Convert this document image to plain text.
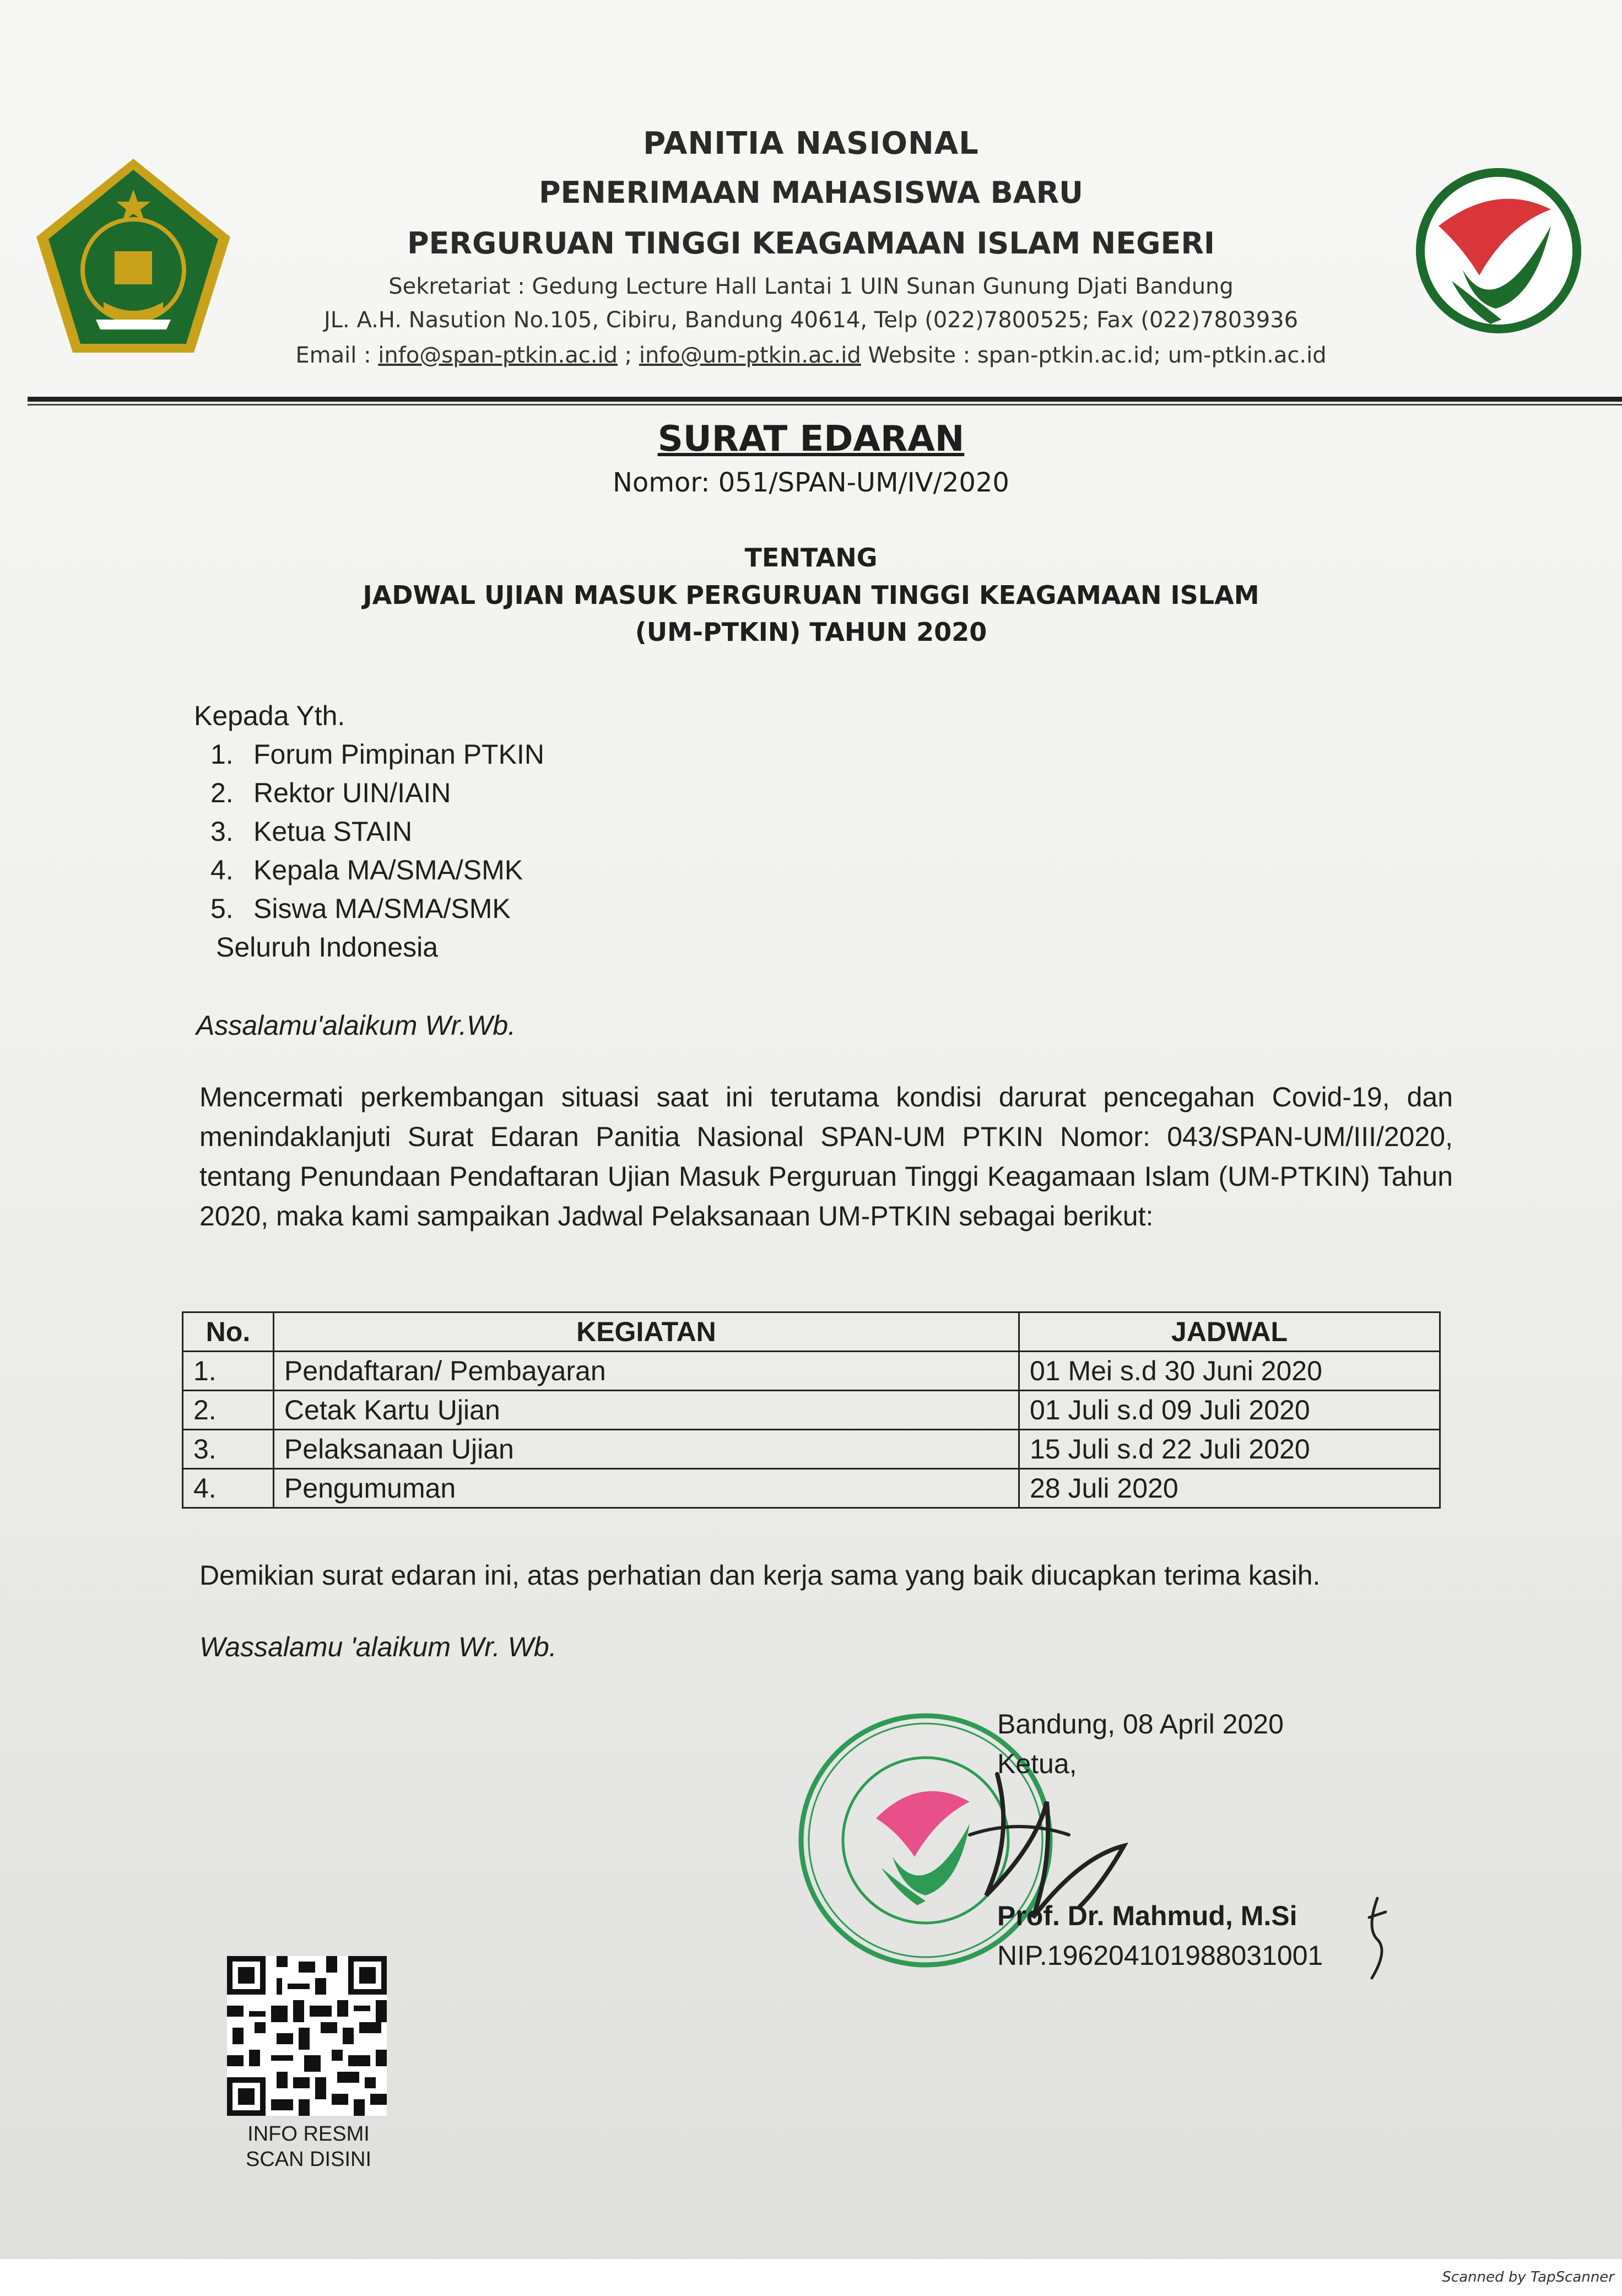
PANITIA NASIONAL
PENERIMAAN MAHASISWA BARU
PERGURUAN TINGGI KEAGAMAAN ISLAM NEGERI
Sekretariat : Gedung Lecture Hall Lantai 1 UIN Sunan Gunung Djati Bandung
JL. A.H. Nasution No.105, Cibiru, Bandung 40614, Telp (022)7800525; Fax (022)7803936
Email : info@span-ptkin.ac.id ; info@um-ptkin.ac.id Website : span-ptkin.ac.id; um-ptkin.ac.id
SURAT EDARAN
Nomor: 051/SPAN-UM/IV/2020
TENTANG
JADWAL UJIAN MASUK PERGURUAN TINGGI KEAGAMAAN ISLAM
(UM-PTKIN) TAHUN 2020
Kepada Yth.
1. Forum Pimpinan PTKIN
2. Rektor UIN/IAIN
3. Ketua STAIN
4. Kepala MA/SMA/SMK
5. Siswa MA/SMA/SMK
Seluruh Indonesia
Assalamu'alaikum Wr.Wb.
Mencermati perkembangan situasi saat ini terutama kondisi darurat pencegahan Covid-19, dan menindaklanjuti Surat Edaran Panitia Nasional SPAN-UM PTKIN Nomor: 043/SPAN-UM/III/2020, tentang Penundaan Pendaftaran Ujian Masuk Perguruan Tinggi Keagamaan Islam (UM-PTKIN) Tahun 2020, maka kami sampaikan Jadwal Pelaksanaan UM-PTKIN sebagai berikut:
No.	KEGIATAN	JADWAL
1.	Pendaftaran/ Pembayaran	01 Mei s.d 30 Juni 2020
2.	Cetak Kartu Ujian	01 Juli s.d 09 Juli 2020
3.	Pelaksanaan Ujian	15 Juli s.d 22 Juli 2020
4.	Pengumuman	28 Juli 2020
Demikian surat edaran ini, atas perhatian dan kerja sama yang baik diucapkan terima kasih.
Wassalamu 'alaikum Wr. Wb.
Bandung, 08 April 2020
Ketua,
Prof. Dr. Mahmud, M.Si
NIP.196204101988031001
INFO RESMI
SCAN DISINI
Scanned by TapScanner
